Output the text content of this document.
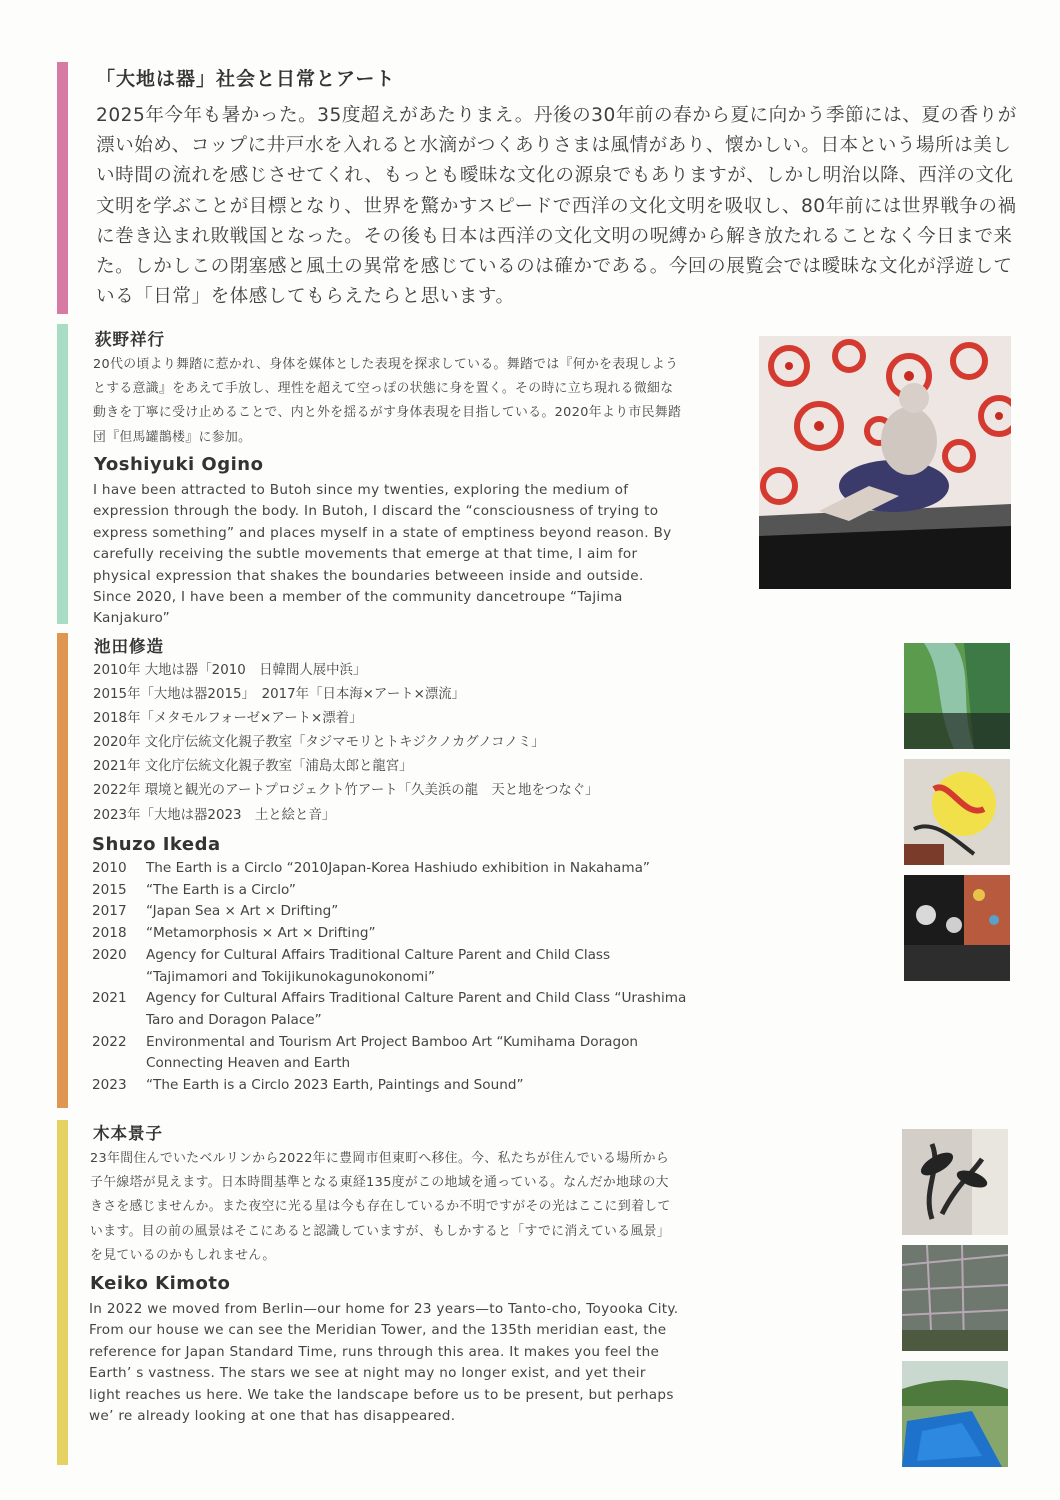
「大地は器」社会と日常とアート
2025年今年も暑かった。35度超えがあたりまえ。丹後の30年前の春から夏に向かう季節には、夏の香りが漂い始め、コップに井戸水を入れると水滴がつくありさまは風情があり、懐かしい。日本という場所は美しい時間の流れを感じさせてくれ、もっとも曖昧な文化の源泉でもありますが、しかし明治以降、西洋の文化文明を学ぶことが目標となり、世界を驚かすスピードで西洋の文化文明を吸収し、80年前には世界戦争の禍に巻き込まれ敗戦国となった。その後も日本は西洋の文化文明の呪縛から解き放たれることなく今日まで来た。しかしこの閉塞感と風土の異常を感じているのは確かである。今回の展覧会では曖昧な文化が浮遊している「日常」を体感してもらえたらと思います。
荻野祥行
20代の頃より舞踏に惹かれ、身体を媒体とした表現を探求している。舞踏では『何かを表現しようとする意識』をあえて手放し、理性を超えて空っぽの状態に身を置く。その時に立ち現れる微細な動きを丁寧に受け止めることで、内と外を揺るがす身体表現を目指している。2020年より市民舞踏団『但馬罐鵲楼』に参加。
Yoshiyuki Ogino
I have been attracted to Butoh since my twenties, exploring the medium of expression through the body. In Butoh, I discard the “consciousness of trying to express something” and places myself in a state of emptiness beyond reason. By carefully receiving the subtle movements that emerge at that time, I aim for physical expression that shakes the boundaries betweeen inside and outside. Since 2020, I have been a member of the community dancetroupe “Tajima Kanjakuro”
池田修造
2010年 大地は器「2010　日韓間人展中浜」
2015年「大地は器2015」　2017年「日本海×アート×漂流」
2018年「メタモルフォーゼ×アート×漂着」
2020年 文化庁伝統文化親子教室「タジマモリとトキジクノカグノコノミ」
2021年 文化庁伝統文化親子教室「浦島太郎と龍宮」
2022年 環境と観光のアートプロジェクト竹アート「久美浜の龍　天と地をつなぐ」
2023年「大地は器2023　土と絵と音」
Shuzo Ikeda
2010	The Earth is a Circlo “2010Japan-Korea Hashiudo exhibition in Nakahama”
2015	“The Earth is a Circlo”
2017	“Japan Sea × Art × Drifting”
2018	“Metamorphosis × Art × Drifting”
2020	Agency for Cultural Affairs Traditional Calture Parent and Child Class “Tajimamori and Tokijikunokagunokonomi”
2021	Agency for Cultural Affairs Traditional Calture Parent and Child Class “Urashima Taro and Doragon Palace”
2022	Environmental and Tourism Art Project Bamboo Art “Kumihama Doragon Connecting Heaven and Earth
2023	“The Earth is a Circlo 2023 Earth, Paintings and Sound”
木本景子
23年間住んでいたベルリンから2022年に豊岡市但東町へ移住。今、私たちが住んでいる場所から子午線塔が見えます。日本時間基準となる東経135度がこの地域を通っている。なんだか地球の大きさを感じませんか。また夜空に光る星は今も存在しているか不明ですがその光はここに到着しています。目の前の風景はそこにあると認識していますが、もしかすると「すでに消えている風景」を見ているのかもしれません。
Keiko Kimoto
In 2022 we moved from Berlin—our home for 23 years—to Tanto-cho, Toyooka City. From our house we can see the Meridian Tower, and the 135th meridian east, the reference for Japan Standard Time, runs through this area. It makes you feel the Earth’ s vastness. The stars we see at night may no longer exist, and yet their light reaches us here. We take the landscape before us to be present, but perhaps we’ re already looking at one that has disappeared.
